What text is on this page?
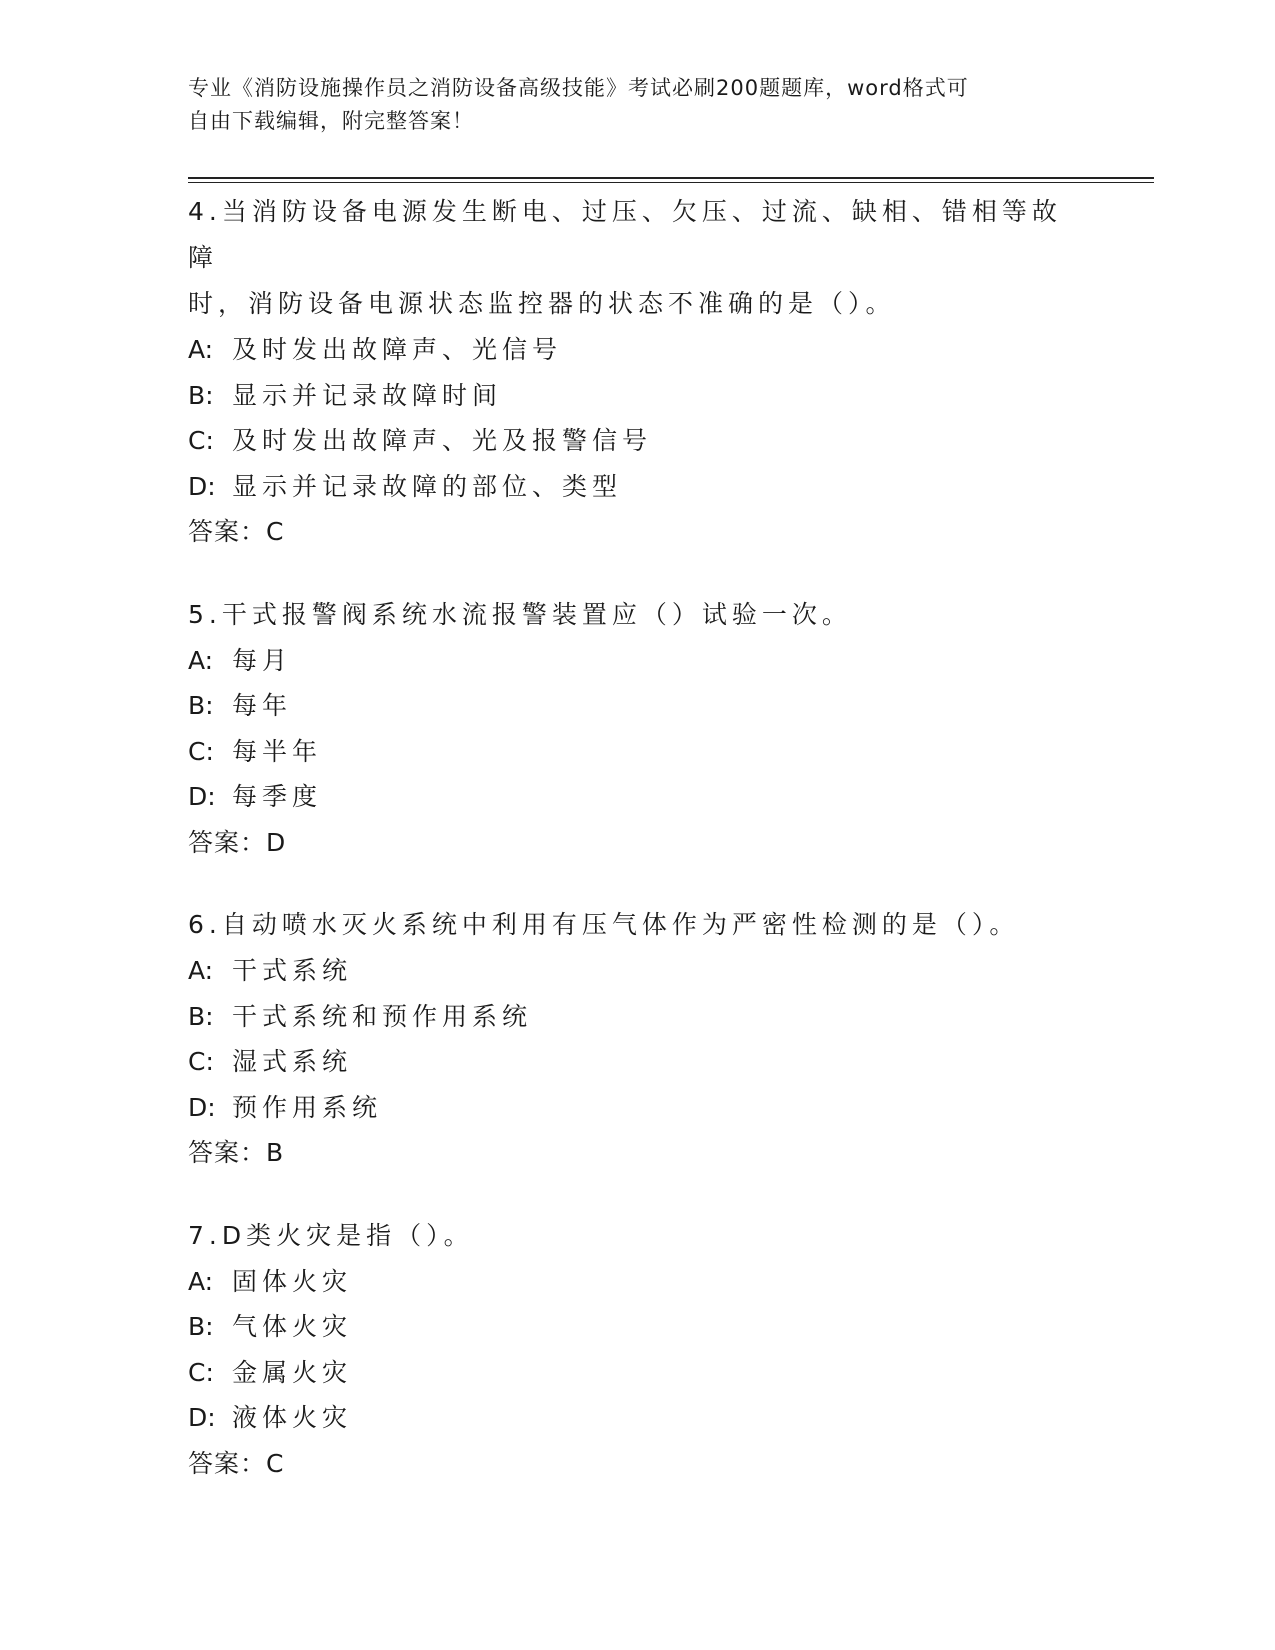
专业《消防设施操作员之消防设备高级技能》考试必刷200题题库，word格式可
自由下载编辑，附完整答案！

4.当消防设备电源发生断电、过压、欠压、过流、缺相、错相等故障
时，消防设备电源状态监控器的状态不准确的是（）。

A: 及时发出故障声、光信号

B: 显示并记录故障时间

C: 及时发出故障声、光及报警信号

D: 显示并记录故障的部位、类型

答案：C

5.干式报警阀系统水流报警装置应（）试验一次。

A: 每月

B: 每年

C: 每半年

D: 每季度

答案：D

6.自动喷水灭火系统中利用有压气体作为严密性检测的是（）。

A: 干式系统

B: 干式系统和预作用系统

C: 湿式系统

D: 预作用系统

答案：B

7.D类火灾是指（）。

A: 固体火灾

B: 气体火灾

C: 金属火灾

D: 液体火灾

答案：C
